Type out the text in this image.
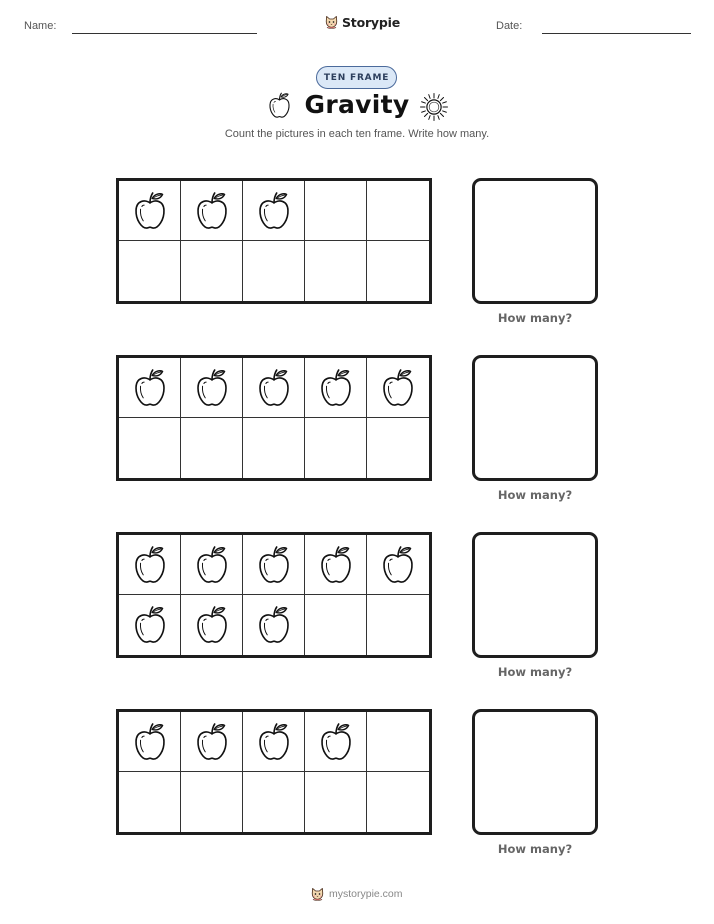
Name:	Storypie	Date:
TEN FRAME
Gravity
Count the pictures in each ten frame. Write how many.
How many?
How many?
How many?
How many?
mystorypie.com
